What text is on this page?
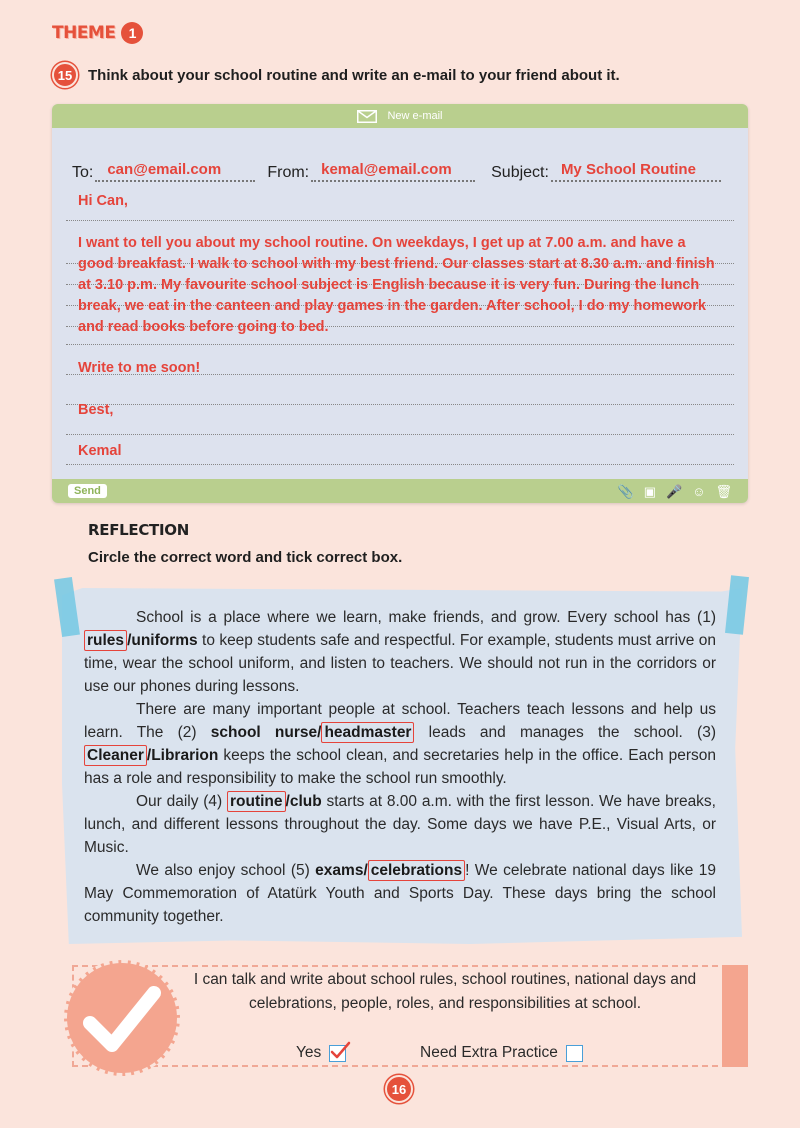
THEME 1
15	Think about your school routine and write an e-mail to your friend about it.
New e-mail
To: can@email.com	From: kemal@email.com Subject: My School Routine
Hi Can,
I want to tell you about my school routine. On weekdays, I get up at 7.00 a.m. and have a good breakfast. I walk to school with my best friend. Our classes start at 8.30 a.m. and finish at 3.10 p.m. My favourite school subject is English because it is very fun. During the lunch break, we eat in the canteen and play games in the garden. After school, I do my homework and read books before going to bed.
Write to me soon!
Best,
Kemal
Send	📎 ▣ 🎤 ☺ 🗑
REFLECTION
Circle the correct word and tick correct box.

School is a place where we learn, make friends, and grow. Every school has (1) rules /uniforms to keep students safe and respectful. For example, students must arrive on time, wear the school uniform, and listen to teachers. We should not run in the corridors or use our phones during lessons.

There are many important people at school. Teachers teach lessons and help us learn. The (2) school nurse/ headmaster leads and manages the school. (3) Cleaner /Librarion keeps the school clean, and secretaries help in the office. Each person has a role and responsibility to make the school run smoothly.

Our daily (4) routine /club starts at 8.00 a.m. with the first lesson. We have breaks, lunch, and different lessons throughout the day. Some days we have P.E., Visual Arts, or Music.

We also enjoy school (5) exams/ celebrations ! We celebrate national days like 19 May Commemoration of Atatürk Youth and Sports Day. These days bring the school community together.

I can talk and write about school rules, school routines, national days and celebrations, people, roles, and responsibilities at school.
Yes	Need Extra Practice
16
